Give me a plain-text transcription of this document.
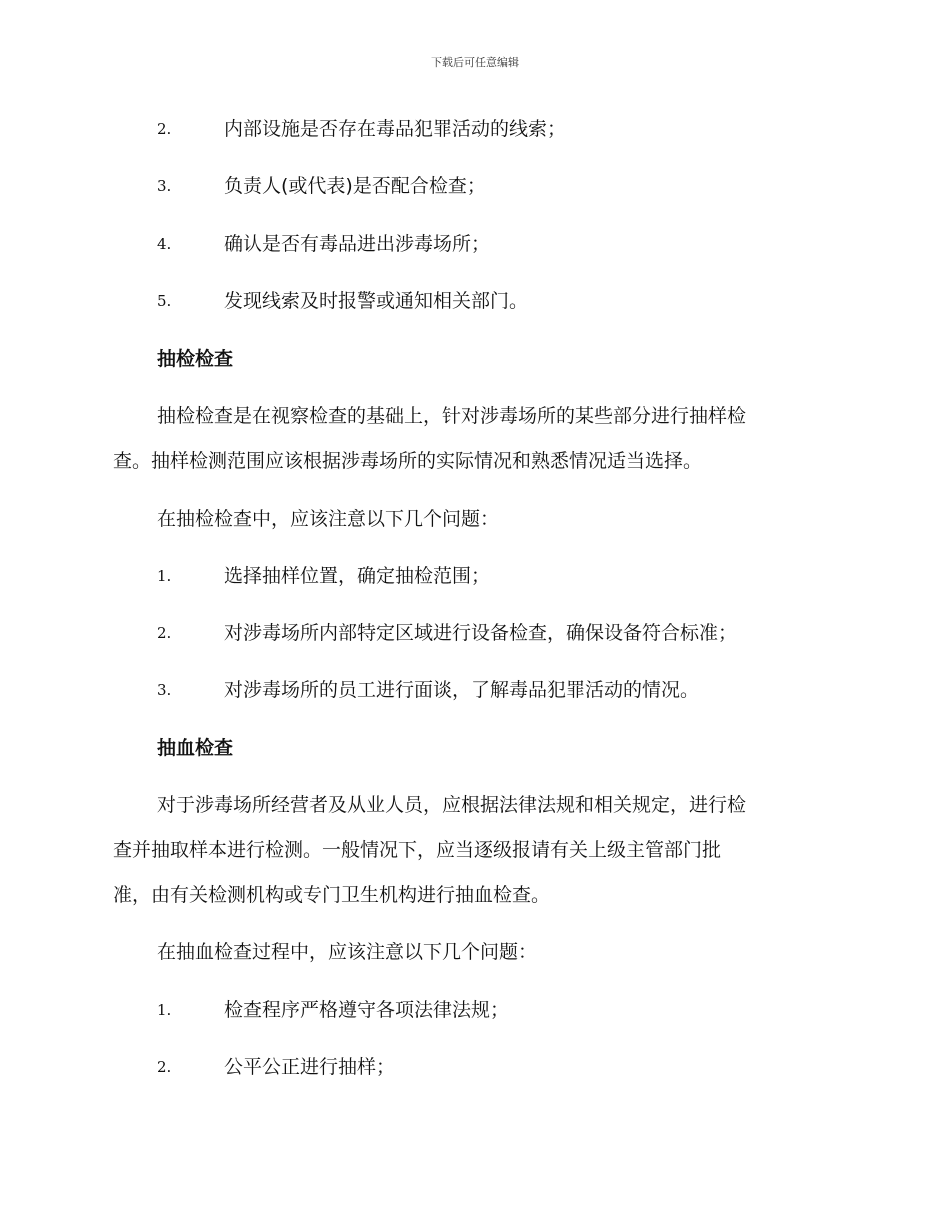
下载后可任意编辑
2.	内部设施是否存在毒品犯罪活动的线索；
3.	负责人(或代表)是否配合检查；
4.	确认是否有毒品进出涉毒场所；
5.	发现线索及时报警或通知相关部门。
抽检检查
抽检检查是在视察检查的基础上，针对涉毒场所的某些部分进行抽样检
查。抽样检测范围应该根据涉毒场所的实际情况和熟悉情况适当选择。
在抽检检查中，应该注意以下几个问题：
1.	选择抽样位置，确定抽检范围；
2.	对涉毒场所内部特定区域进行设备检查，确保设备符合标准；
3.	对涉毒场所的员工进行面谈，了解毒品犯罪活动的情况。
抽血检查
对于涉毒场所经营者及从业人员，应根据法律法规和相关规定，进行检
查并抽取样本进行检测。一般情况下，应当逐级报请有关上级主管部门批
准，由有关检测机构或专门卫生机构进行抽血检查。
在抽血检查过程中，应该注意以下几个问题：
1.	检查程序严格遵守各项法律法规；
2.	公平公正进行抽样；
